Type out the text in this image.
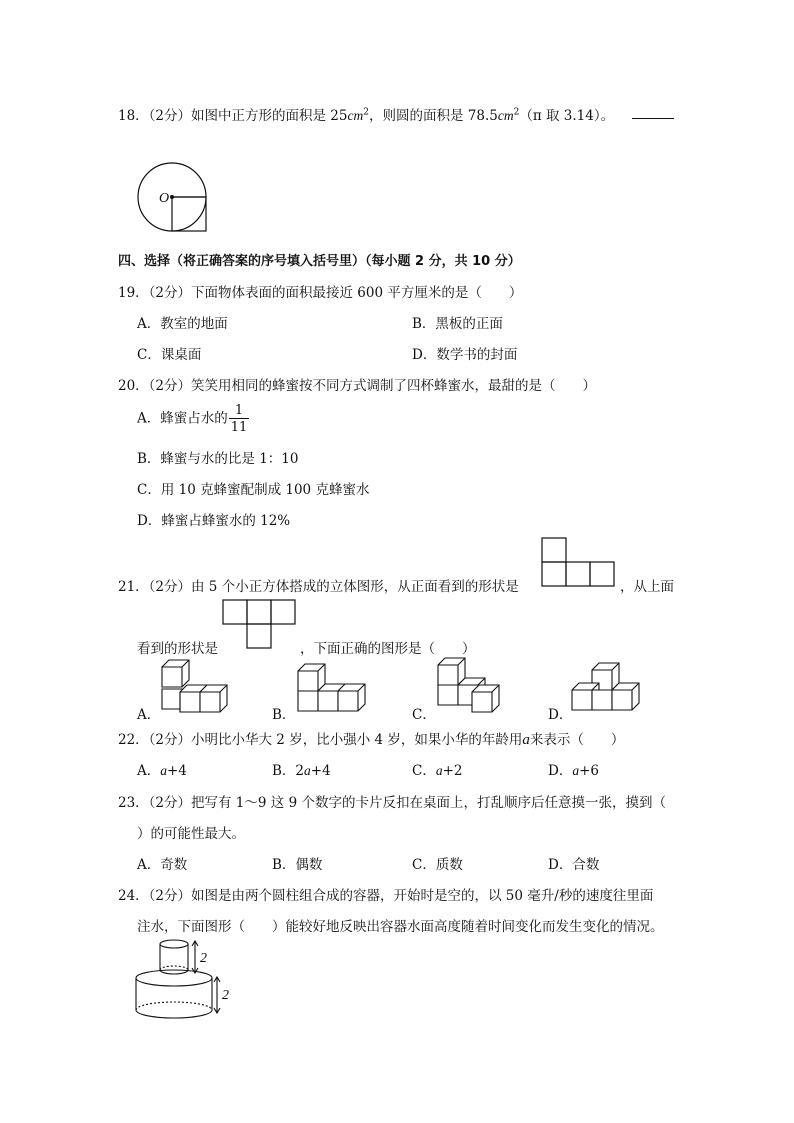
18．（2分）如图中正方形的面积是 $25cm^2$，则圆的面积是 $78.5cm^2(\pi$ 取 3.14）。
O
四、选择（将正确答案的序号填入括号里）（每小题 2 分，共 10 分）
19．（2分）下面物体表面的面积最接近 600 平方厘米的是（　　）
A．教室的地面	B．黑板的正面
C．课桌面	D．数学书的封面
20．（2分）笑笑用相同的蜂蜜按不同方式调制了四杯蜂蜜水，最甜的是（　　）
A．蜂蜜占水的 $\frac{1}{11}$
B．蜂蜜与水的比是 1：10
C．用 10 克蜂蜜配制成 100 克蜂蜜水
D．蜂蜜占蜂蜜水的 12%
21．（2分）由 5 个小正方体搭成的立体图形，从正面看到的形状是	，从上面
看到的形状是	，下面正确的图形是（　　）
A．	B．	C．	D．
22．（2分）小明比小华大 2 岁，比小强小 4 岁，如果小华的年龄用a来表示（　　）
A．a+4	B．2a+4	C．a+2	D．a+6
23．（2分）把写有 1～9 这 9 个数字的卡片反扣在桌面上，打乱顺序后任意摸一张，摸到（
）的可能性最大。
A．奇数	B．偶数	C．质数	D．合数
24．（2分）如图是由两个圆柱组合成的容器，开始时是空的，以 50 毫升/秒的速度往里面
注水，下面图形（　　）能较好地反映出容器水面高度随着时间变化而发生变化的情况。
2
2
